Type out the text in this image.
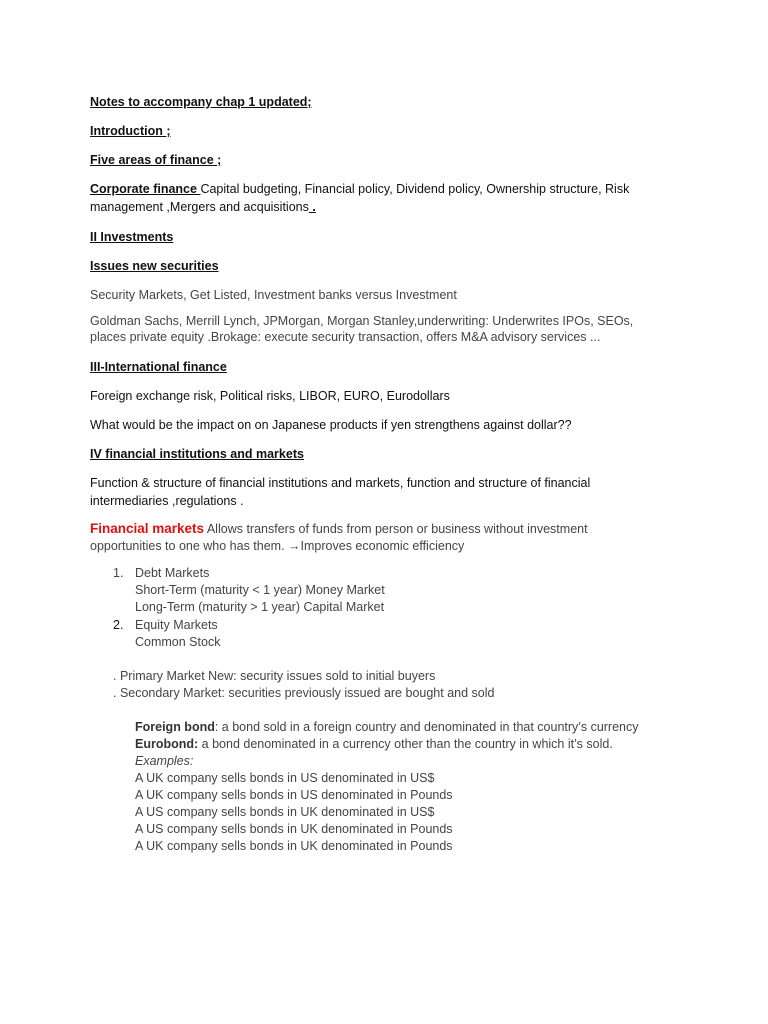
Notes to accompany chap 1 updated;
Introduction ;
Five areas of finance ;
Corporate finance Capital budgeting, Financial policy, Dividend policy, Ownership structure, Risk
management ,Mergers and acquisitions .
II Investments
Issues new securities
Security Markets, Get Listed, Investment banks versus Investment
Goldman Sachs, Merrill Lynch, JPMorgan, Morgan Stanley,underwriting: Underwrites IPOs, SEOs,
places private equity .Brokage: execute security transaction, offers M&A advisory services ...
III-International finance
Foreign exchange risk, Political risks, LIBOR, EURO, Eurodollars
What would be the impact on on Japanese products if yen strengthens against dollar??
IV financial institutions and markets
Function & structure of financial institutions and markets, function and structure of financial
intermediaries ,regulations .
Financial markets Allows transfers of funds from person or business without investment
opportunities to one who has them. →Improves economic efficiency
1. Debt Markets
Short-Term (maturity < 1 year) Money Market
Long-Term (maturity > 1 year) Capital Market
2. Equity Markets
Common Stock
. Primary Market New: security issues sold to initial buyers
. Secondary Market: securities previously issued are bought and sold
Foreign bond: a bond sold in a foreign country and denominated in that country’s currency
Eurobond: a bond denominated in a currency other than the country in which it’s sold.
Examples:
A UK company sells bonds in US denominated in US$
A UK company sells bonds in US denominated in Pounds
A US company sells bonds in UK denominated in US$
A US company sells bonds in UK denominated in Pounds
A UK company sells bonds in UK denominated in Pounds
